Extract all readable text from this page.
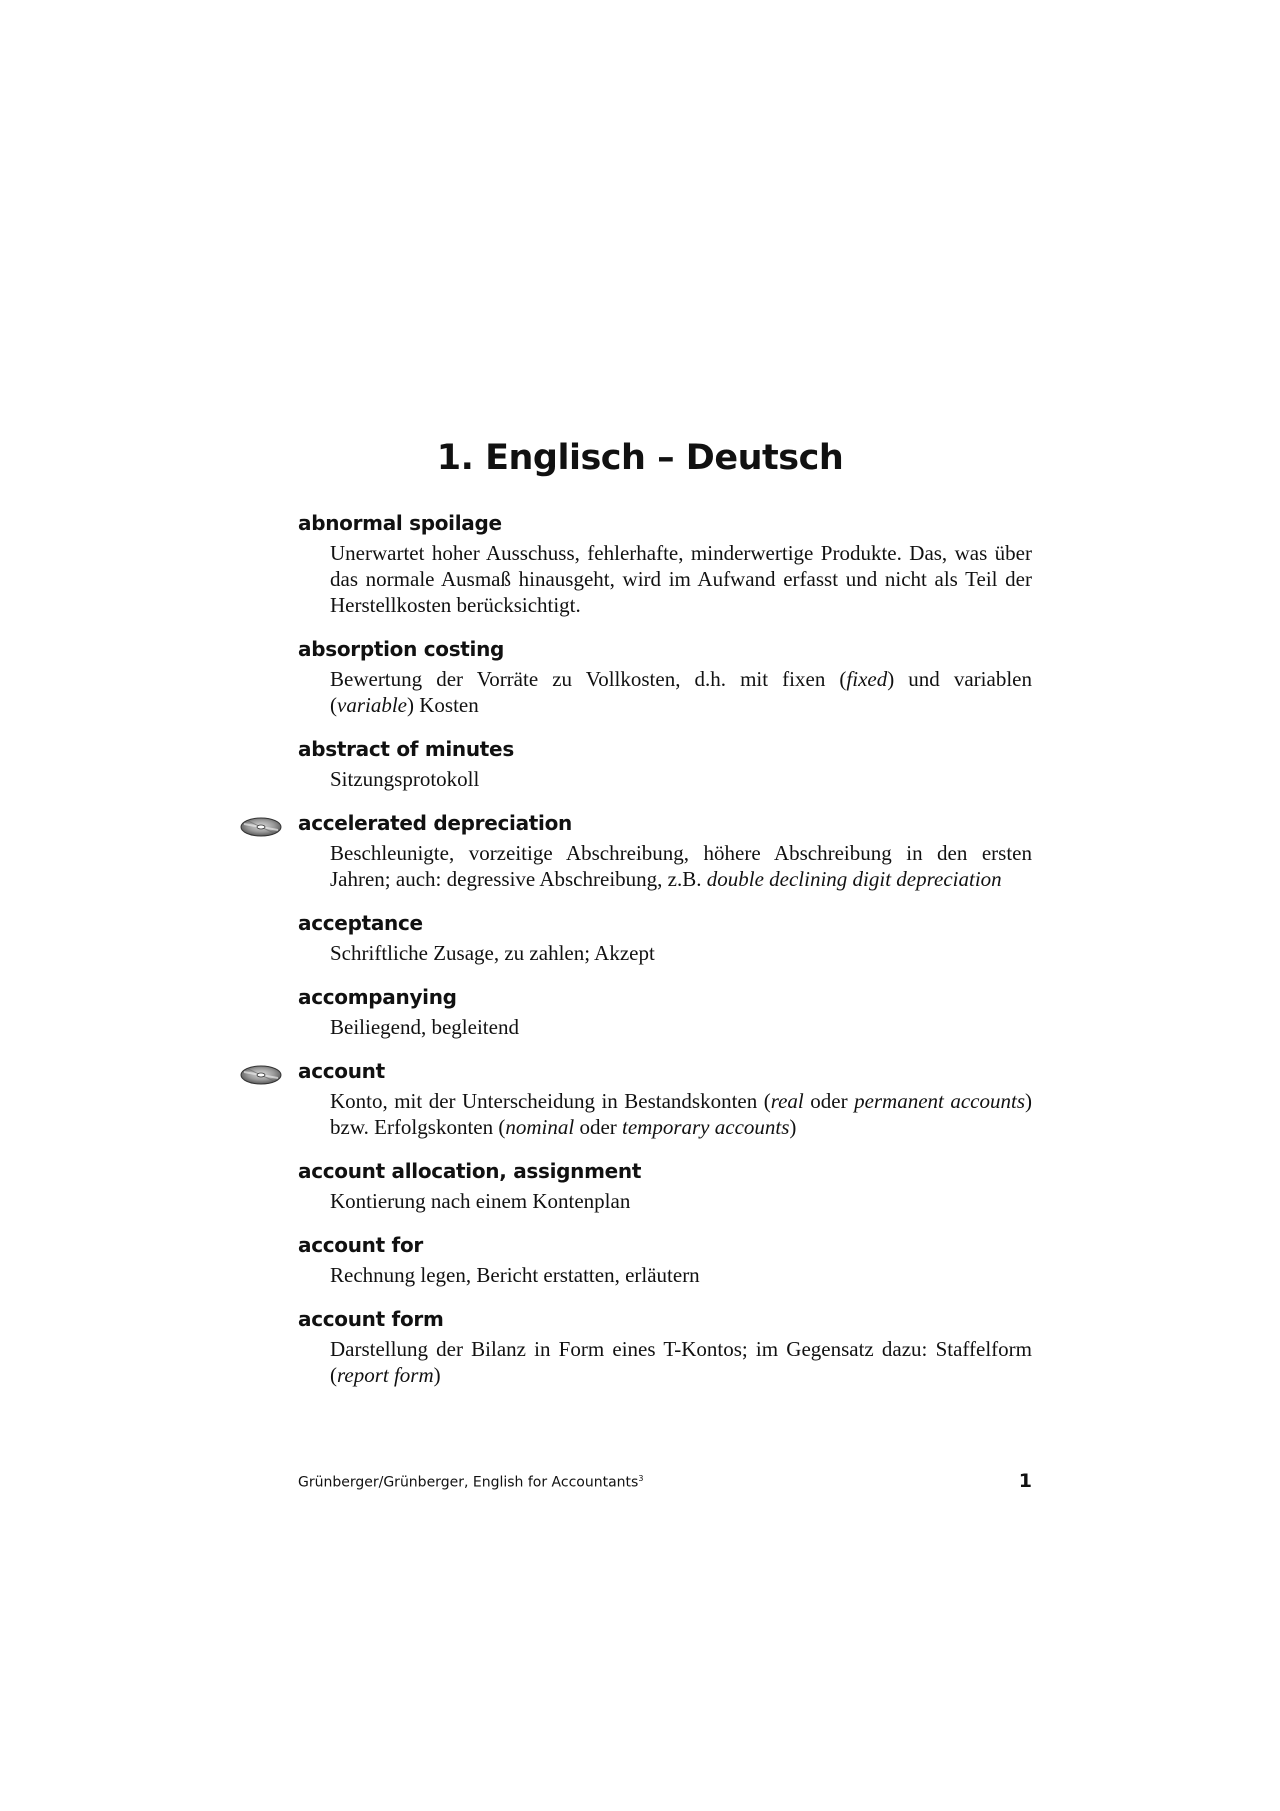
1. Englisch – Deutsch
abnormal spoilage
Unerwartet hoher Ausschuss, fehlerhafte, minderwertige Produkte. Das, was über das normale Ausmaß hinausgeht, wird im Aufwand erfasst und nicht als Teil der Herstellkosten berücksichtigt.
absorption costing
Bewertung der Vorräte zu Vollkosten, d.h. mit fixen (fixed) und variablen (variable) Kosten
abstract of minutes
Sitzungsprotokoll
accelerated depreciation
Beschleunigte, vorzeitige Abschreibung, höhere Abschreibung in den ersten Jahren; auch: degressive Abschreibung, z.B. double declining digit depreciation
acceptance
Schriftliche Zusage, zu zahlen; Akzept
accompanying
Beiliegend, begleitend
account
Konto, mit der Unterscheidung in Bestandskonten (real oder permanent accounts) bzw. Erfolgskonten (nominal oder temporary accounts)
account allocation, assignment
Kontierung nach einem Kontenplan
account for
Rechnung legen, Bericht erstatten, erläutern
account form
Darstellung der Bilanz in Form eines T-Kontos; im Gegensatz dazu: Staffelform (report form)
Grünberger/Grünberger, English for Accountants$^3$	1
